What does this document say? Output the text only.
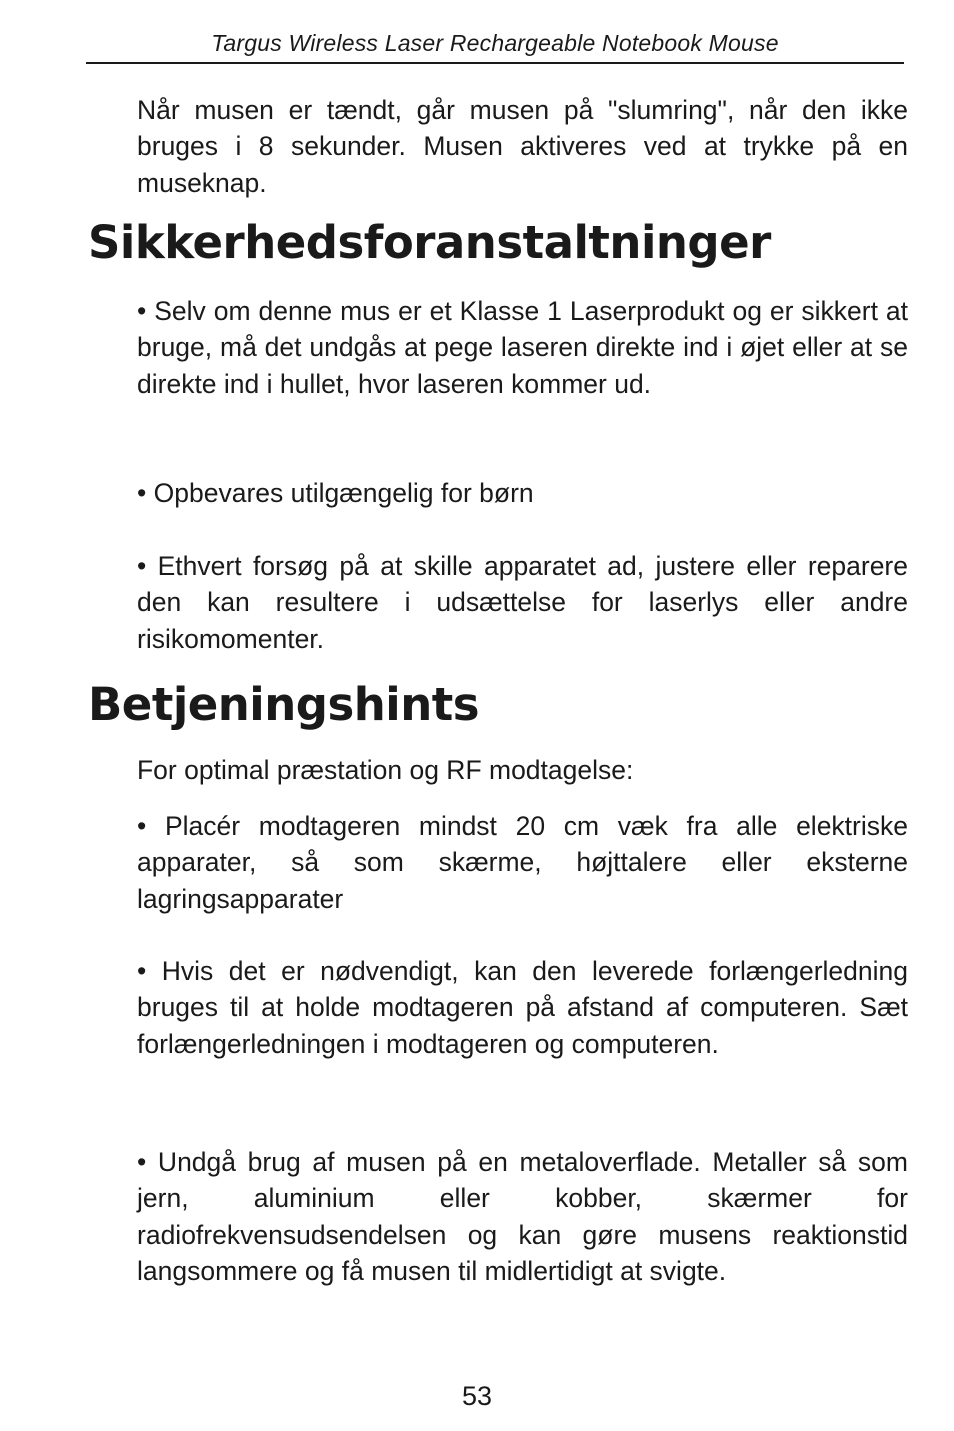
Targus Wireless Laser Rechargeable Notebook Mouse

Når musen er tændt, går musen på "slumring", når den ikke bruges i 8 sekunder. Musen aktiveres ved at trykke på en museknap.

Sikkerhedsforanstaltninger

• Selv om denne mus er et Klasse 1 Laserprodukt og er sikkert at bruge, må det undgås at pege laseren direkte ind i øjet eller at se direkte ind i hullet, hvor laseren kommer ud.

• Opbevares utilgængelig for børn

• Ethvert forsøg på at skille apparatet ad, justere eller reparere den kan resultere i udsættelse for laserlys eller andre risikomomenter.

Betjeningshints

For optimal præstation og RF modtagelse:

• Placér modtageren mindst 20 cm væk fra alle elektriske apparater, så som skærme, højttalere eller eksterne lagringsapparater

• Hvis det er nødvendigt, kan den leverede forlængerledning bruges til at holde modtageren på afstand af computeren. Sæt forlængerledningen i modtageren og computeren.

• Undgå brug af musen på en metaloverflade. Metaller så som jern, aluminium eller kobber, skærmer for radiofrekvensudsendelsen og kan gøre musens reaktionstid langsommere og få musen til midlertidigt at svigte.

53
